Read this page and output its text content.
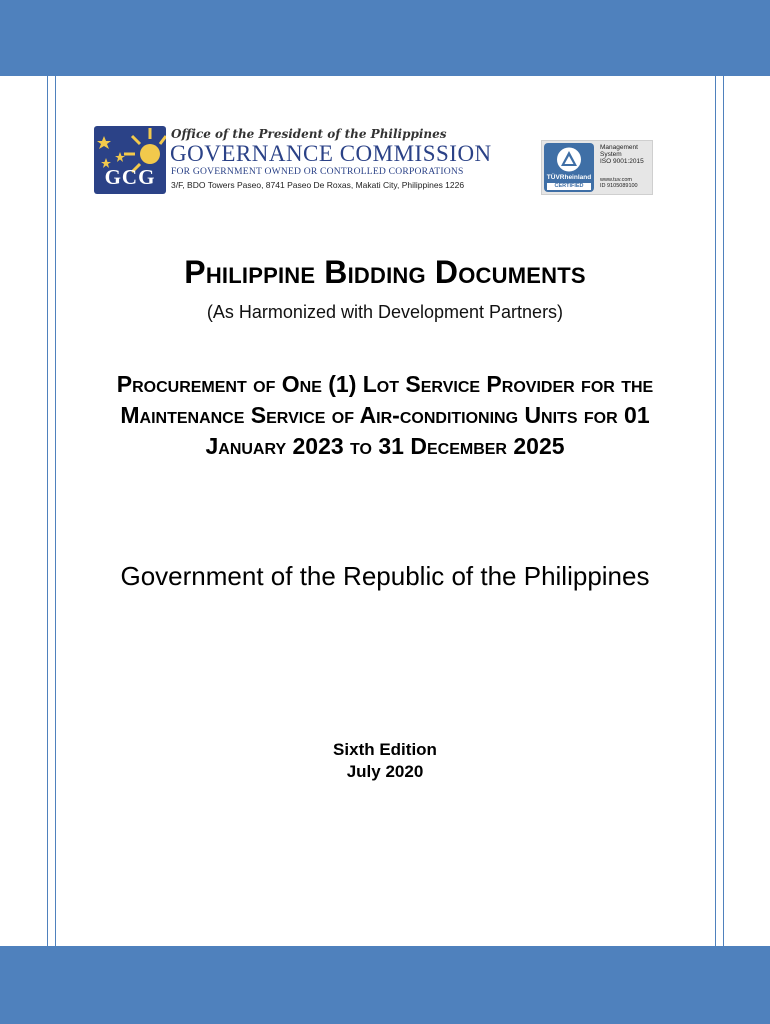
GCG
Office of the President of the Philippines
GOVERNANCE COMMISSION
FOR GOVERNMENT OWNED OR CONTROLLED CORPORATIONS
3/F, BDO Towers Paseo, 8741 Paseo De Roxas, Makati City, Philippines 1226
TÜVRheinland
CERTIFIED
Management
System
ISO 9001:2015
www.tuv.com
ID 9105089100
Philippine Bidding Documents
(As Harmonized with Development Partners)
Procurement of One (1) Lot Service Provider for the Maintenance Service of Air-conditioning Units for 01 January 2023 to 31 December 2025
Government of the Republic of the Philippines
Sixth Edition
July 2020
